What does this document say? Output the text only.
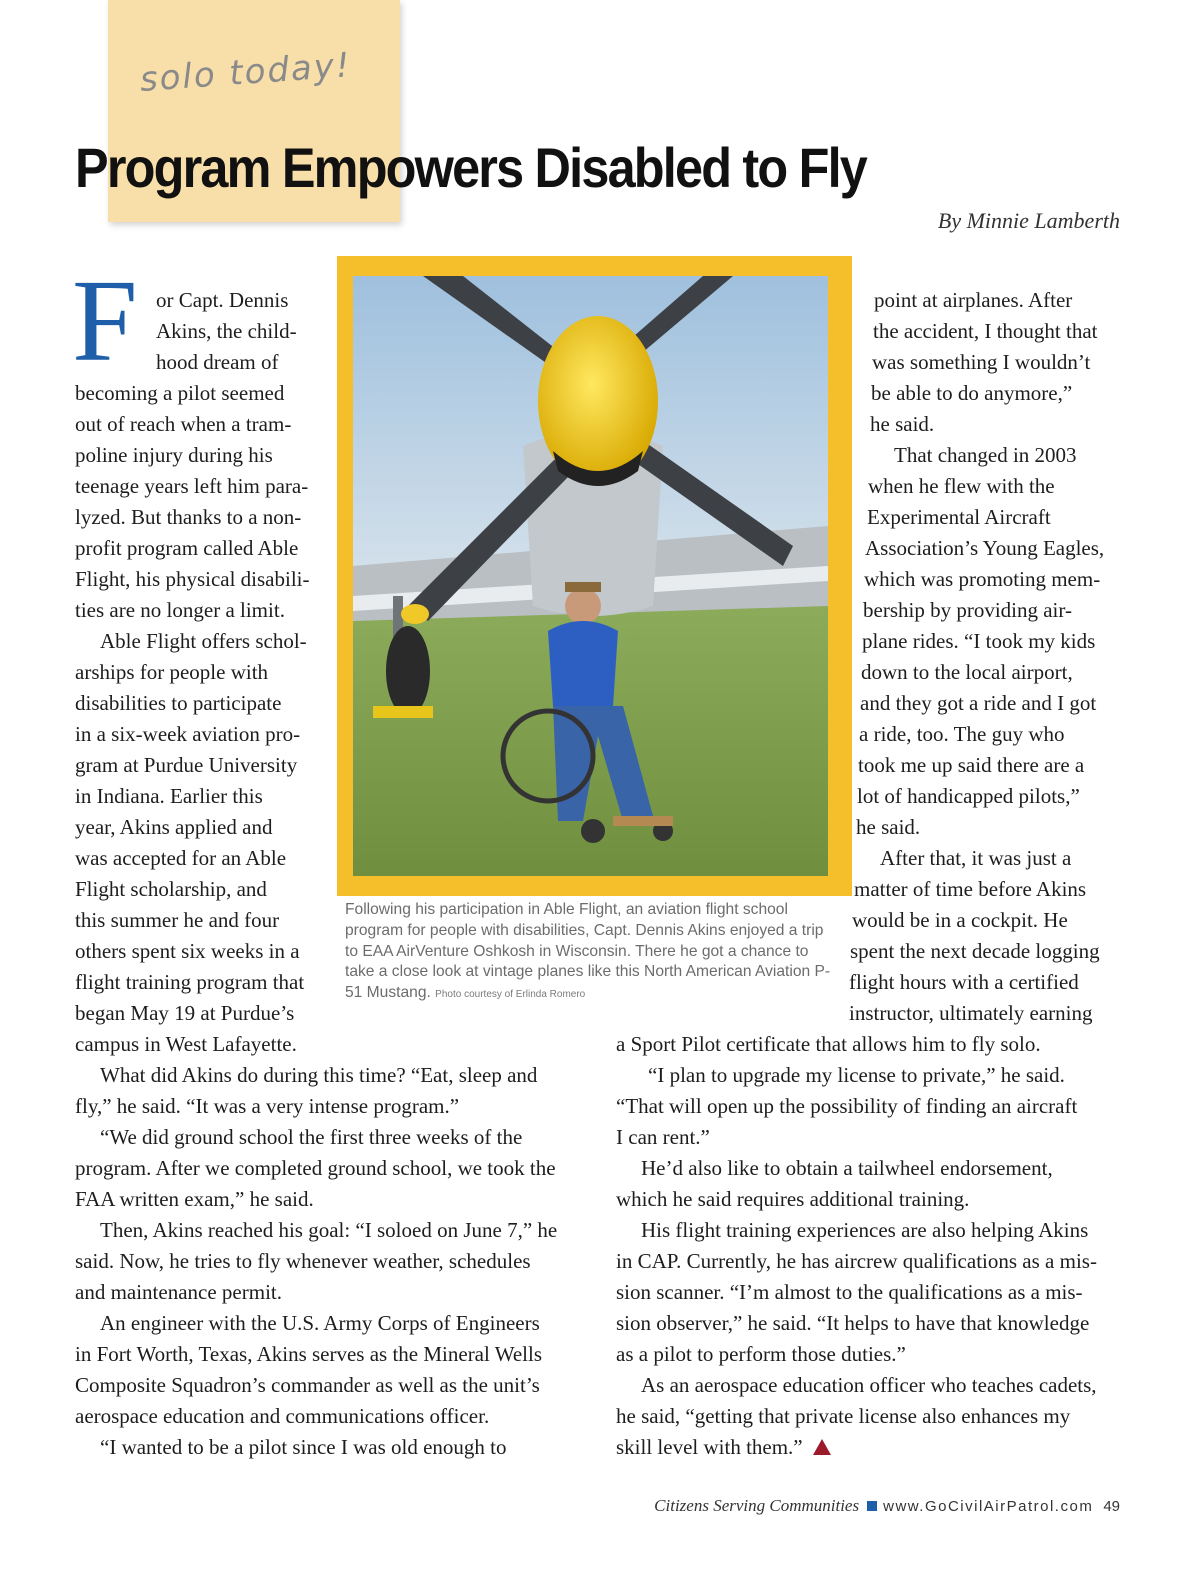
solo today!
Program Empowers Disabled to Fly
By Minnie Lamberth
Following his participation in Able Flight, an aviation flight school program for people with disabilities, Capt. Dennis Akins enjoyed a trip to EAA AirVenture Oshkosh in Wisconsin. There he got a chance to take a close look at vintage planes like this North American Aviation P-51 Mustang. Photo courtesy of Erlinda Romero
F or Capt. Dennis
Akins, the child-
hood dream of
becoming a pilot seemed
out of reach when a tram-
poline injury during his
teenage years left him para-
lyzed. But thanks to a non-
profit program called Able
Flight, his physical disabili-
ties are no longer a limit.
Able Flight offers schol-
arships for people with
disabilities to participate
in a six-week aviation pro-
gram at Purdue University
in Indiana. Earlier this
year, Akins applied and
was accepted for an Able
Flight scholarship, and
this summer he and four
others spent six weeks in a
flight training program that
began May 19 at Purdue’s
campus in West Lafayette.
What did Akins do during this time? “Eat, sleep and
fly,” he said. “It was a very intense program.”
“We did ground school the first three weeks of the
program. After we completed ground school, we took the
FAA written exam,” he said.
Then, Akins reached his goal: “I soloed on June 7,” he
said. Now, he tries to fly whenever weather, schedules
and maintenance permit.
An engineer with the U.S. Army Corps of Engineers
in Fort Worth, Texas, Akins serves as the Mineral Wells
Composite Squadron’s commander as well as the unit’s
aerospace education and communications officer.
“I wanted to be a pilot since I was old enough to
point at airplanes. After
the accident, I thought that
was something I wouldn’t
be able to do anymore,”
he said.
That changed in 2003
when he flew with the
Experimental Aircraft
Association’s Young Eagles,
which was promoting mem-
bership by providing air-
plane rides. “I took my kids
down to the local airport,
and they got a ride and I got
a ride, too. The guy who
took me up said there are a
lot of handicapped pilots,”
he said.
After that, it was just a
matter of time before Akins
would be in a cockpit. He
spent the next decade logging
flight hours with a certified
instructor, ultimately earning
a Sport Pilot certificate that allows him to fly solo.
“I plan to upgrade my license to private,” he said.
“That will open up the possibility of finding an aircraft
I can rent.”
He’d also like to obtain a tailwheel endorsement,
which he said requires additional training.
His flight training experiences are also helping Akins
in CAP. Currently, he has aircrew qualifications as a mis-
sion scanner. “I’m almost to the qualifications as a mis-
sion observer,” he said. “It helps to have that knowledge
as a pilot to perform those duties.”
As an aerospace education officer who teaches cadets,
he said, “getting that private license also enhances my
skill level with them.”
Citizens Serving Communities www.GoCivilAirPatrol.com 49
